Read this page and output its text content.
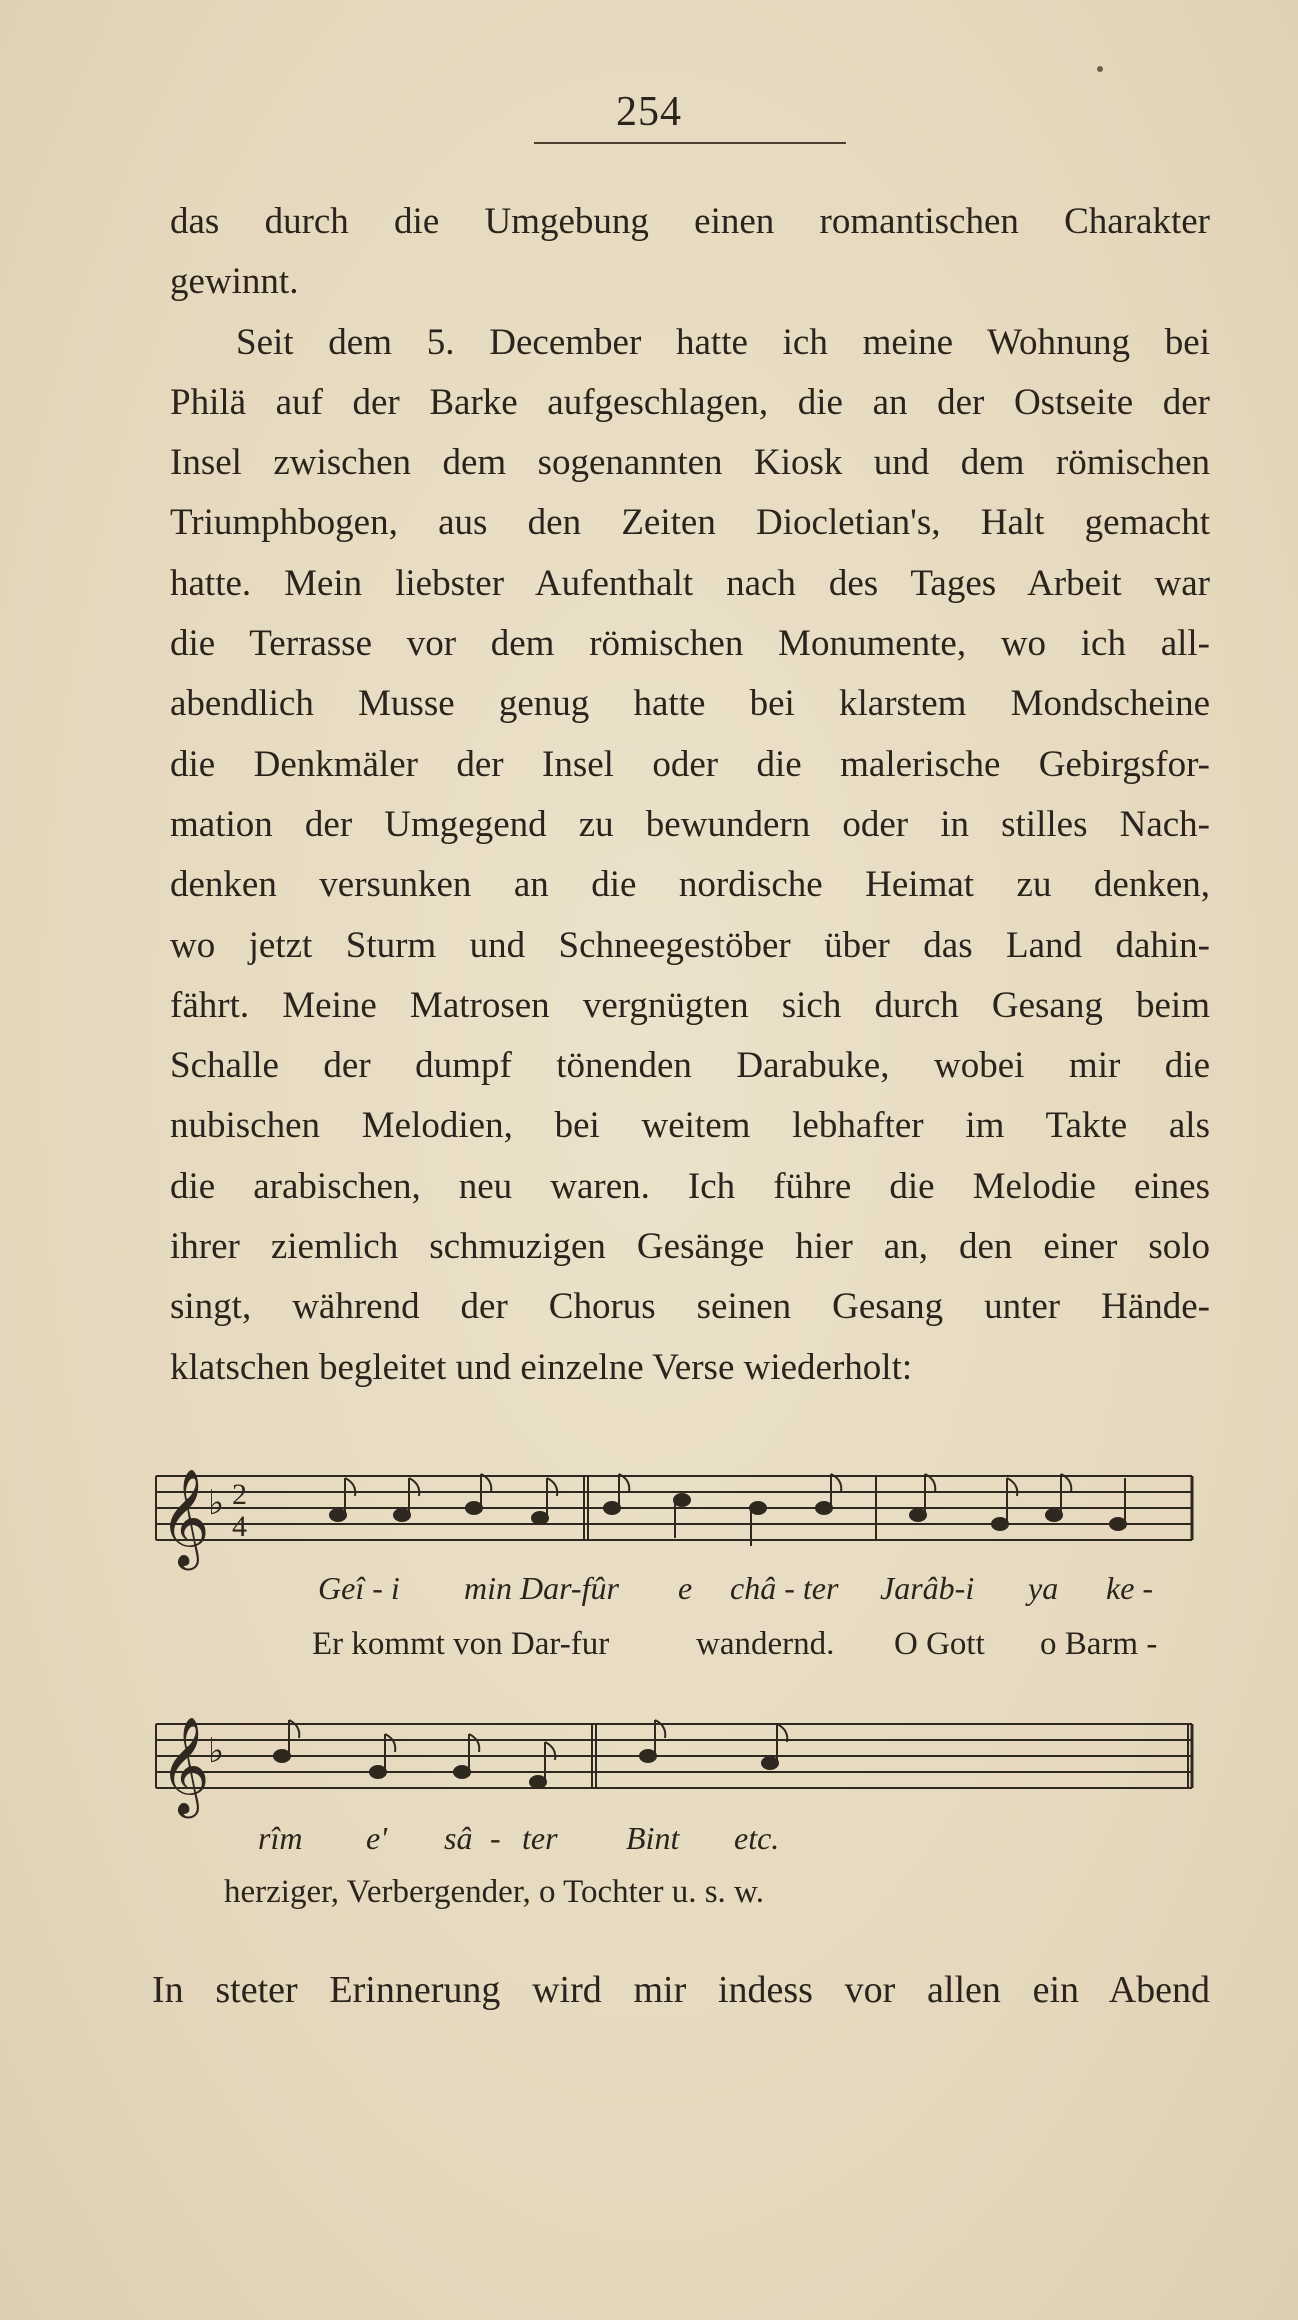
254
das durch die Umgebung einen romantischen Charakter
gewinnt.
Seit dem 5. December hatte ich meine Wohnung bei
Philä auf der Barke aufgeschlagen, die an der Ostseite der
Insel zwischen dem sogenannten Kiosk und dem römischen
Triumphbogen, aus den Zeiten Diocletian's, Halt gemacht
hatte. Mein liebster Aufenthalt nach des Tages Arbeit war
die Terrasse vor dem römischen Monumente, wo ich all-
abendlich Musse genug hatte bei klarstem Mondscheine
die Denkmäler der Insel oder die malerische Gebirgsfor-
mation der Umgegend zu bewundern oder in stilles Nach-
denken versunken an die nordische Heimat zu denken,
wo jetzt Sturm und Schneegestöber über das Land dahin-
fährt. Meine Matrosen vergnügten sich durch Gesang beim
Schalle der dumpf tönenden Darabuke, wobei mir die
nubischen Melodien, bei weitem lebhafter im Takte als
die arabischen, neu waren. Ich führe die Melodie eines
ihrer ziemlich schmuzigen Gesänge hier an, den einer solo
singt, während der Chorus seinen Gesang unter Hände-
klatschen begleitet und einzelne Verse wiederholt:
𝄞
♭ 2
4
Geî - i min Dar-fûr e châ - ter Jarâb-i ya ke -
Er kommt von Dar-fur	wandernd. O Gott o Barm -
𝄞
♭
rîm e' sâ - ter Bint etc.
herziger, Verbergender, o Tochter u. s. w.
In steter Erinnerung wird mir indess vor allen ein Abend
